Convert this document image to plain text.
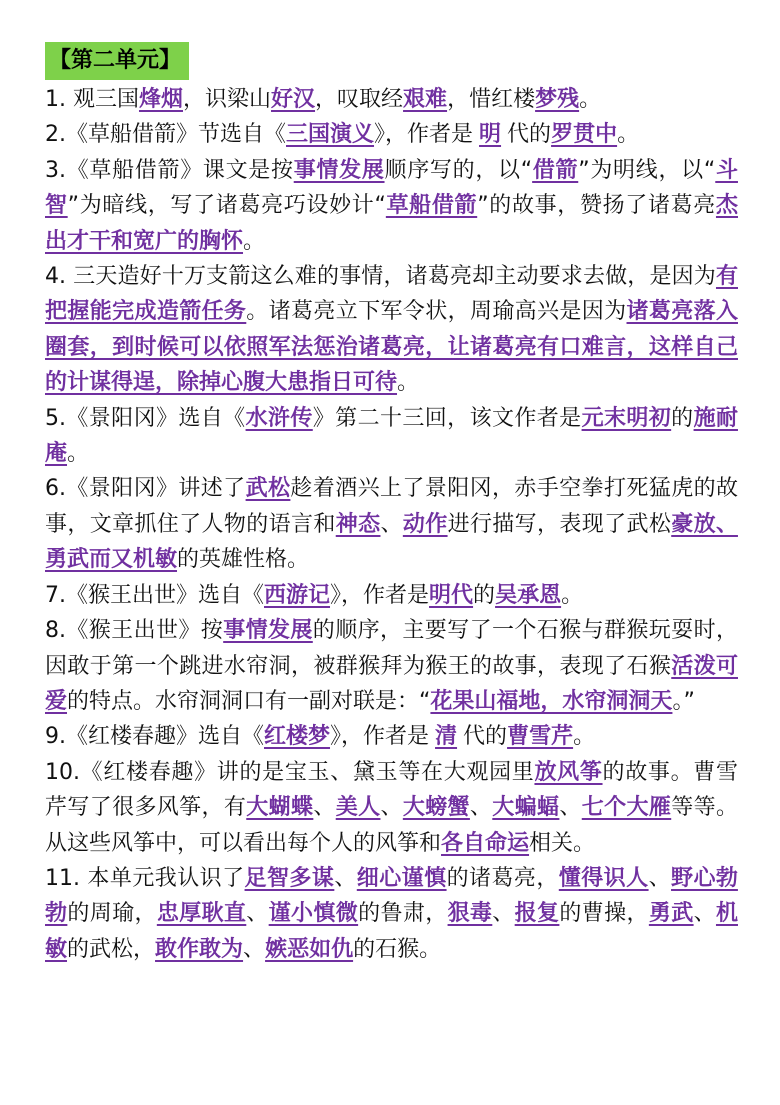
【第二单元】

1. 观三国烽烟，识梁山好汉，叹取经艰难，惜红楼梦残。

2.《草船借箭》节选自《三国演义》，作者是 明 代的罗贯中。

3.《草船借箭》课文是按事情发展顺序写的，以“借箭”为明线，以“斗智”为暗线，写了诸葛亮巧设妙计“草船借箭”的故事，赞扬了诸葛亮杰出才干和宽广的胸怀。

4. 三天造好十万支箭这么难的事情，诸葛亮却主动要求去做，是因为有把握能完成造箭任务。诸葛亮立下军令状，周瑜高兴是因为诸葛亮落入圈套，到时候可以依照军法惩治诸葛亮，让诸葛亮有口难言，这样自己的计谋得逞，除掉心腹大患指日可待。

5.《景阳冈》选自《水浒传》第二十三回，该文作者是元末明初的施耐庵。

6.《景阳冈》讲述了武松趁着酒兴上了景阳冈，赤手空拳打死猛虎的故事，文章抓住了人物的语言和神态、动作进行描写，表现了武松豪放、勇武而又机敏的英雄性格。

7.《猴王出世》选自《西游记》，作者是明代的吴承恩。

8.《猴王出世》按事情发展的顺序，主要写了一个石猴与群猴玩耍时，因敢于第一个跳进水帘洞，被群猴拜为猴王的故事，表现了石猴活泼可爱的特点。水帘洞洞口有一副对联是：“花果山福地，水帘洞洞天。”

9.《红楼春趣》选自《红楼梦》，作者是 清 代的曹雪芹。

10.《红楼春趣》讲的是宝玉、黛玉等在大观园里放风筝的故事。曹雪芹写了很多风筝，有大蝴蝶、美人、大螃蟹、大蝙蝠、七个大雁等等。从这些风筝中，可以看出每个人的风筝和各自命运相关。

11. 本单元我认识了足智多谋、细心谨慎的诸葛亮，懂得识人、野心勃勃的周瑜，忠厚耿直、谨小慎微的鲁肃，狠毒、报复的曹操，勇武、机敏的武松，敢作敢为、嫉恶如仇的石猴。
